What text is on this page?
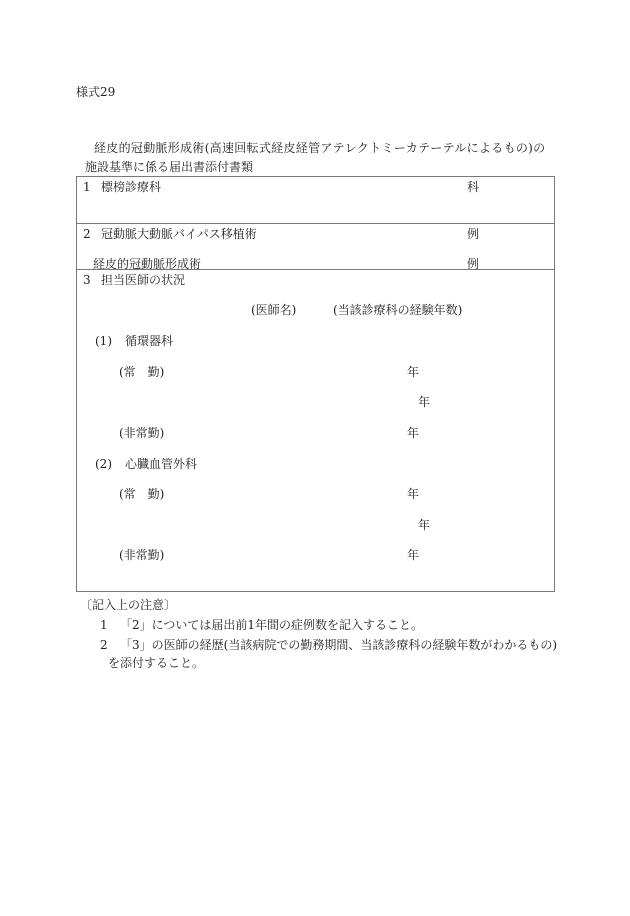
様式29
経皮的冠動脈形成術(高速回転式経皮経管アテレクトミーカテーテルによるもの)の
施設基準に係る届出書添付書類
1 標榜診療科	科
2 冠動脈大動脈バイパス移植術	例
経皮的冠動脈形成術	例
3 担当医師の状況
(医師名)	(当該診療科の経験年数)
(1) 循環器科
(常　勤)	年
年
(非常勤)	年
(2) 心臓血管外科
(常　勤)	年
年
(非常勤)	年
〔記入上の注意〕
1 「2」については届出前1年間の症例数を記入すること。
2 「3」の医師の経歴(当該病院での勤務期間、当該診療科の経験年数がわかるもの)
を添付すること。
